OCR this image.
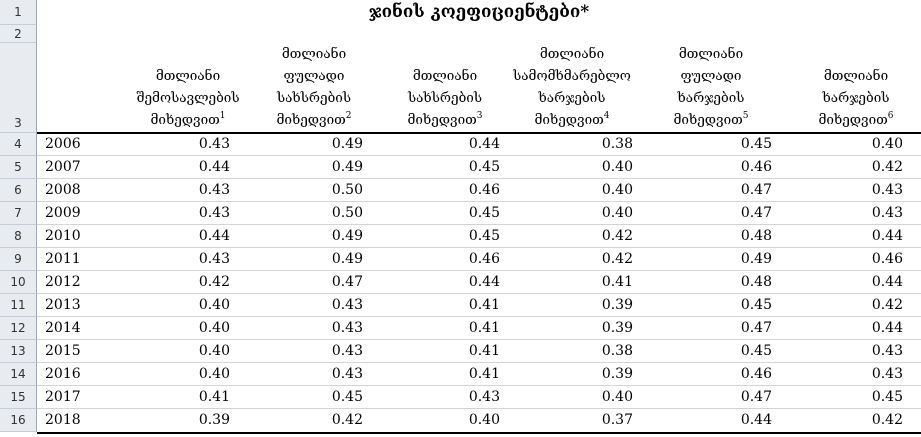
ჯინის კოეფიციენტები*
1
2
3
4
5
6
7
8
9
10
11
12
13
14
15
16
მთლიანი
შემოსავლების
მიხედვით$^1$
მთლიანი
ფულადი
სახსრების
მიხედვით$^2$
მთლიანი
სახსრების
მიხედვით$^3$
მთლიანი
სამომხმარებლო
ხარჯების
მიხედვით$^4$
მთლიანი
ფულადი
ხარჯების
მიხედვით$^5$
მთლიანი
ხარჯების
მიხედვით$^6$
2006	0.43	0.49	0.44	0.38	0.45	0.40
2007	0.44	0.49	0.45	0.40	0.46	0.42
2008	0.43	0.50	0.46	0.40	0.47	0.43
2009	0.43	0.50	0.45	0.40	0.47	0.43
2010	0.44	0.49	0.45	0.42	0.48	0.44
2011	0.43	0.49	0.46	0.42	0.49	0.46
2012	0.42	0.47	0.44	0.41	0.48	0.44
2013	0.40	0.43	0.41	0.39	0.45	0.42
2014	0.40	0.43	0.41	0.39	0.47	0.44
2015	0.40	0.43	0.41	0.38	0.45	0.43
2016	0.40	0.43	0.41	0.39	0.46	0.43
2017	0.41	0.45	0.43	0.40	0.47	0.45
2018	0.39	0.42	0.40	0.37	0.44	0.42
